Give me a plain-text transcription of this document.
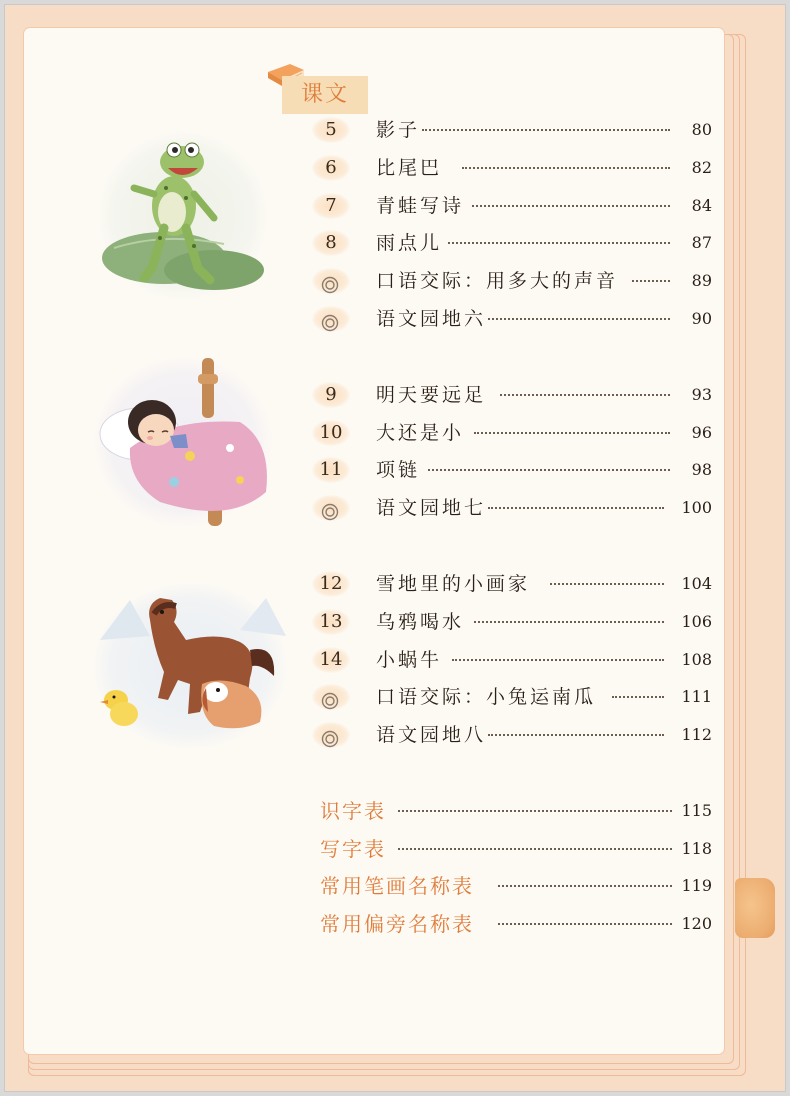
课文
5	影子	80
6	比尾巴	82
7	青蛙写诗	84
8	雨点儿	87
口语交际：用多大的声音	89
语文园地六	90
9	明天要远足	93
10	大还是小	96
11	项链	98
语文园地七	100
12	雪地里的小画家	104
13	乌鸦喝水	106
14	小蜗牛	108
口语交际：小兔运南瓜	111
语文园地八	112
识字表	115
写字表	118
常用笔画名称表	119
常用偏旁名称表	120
